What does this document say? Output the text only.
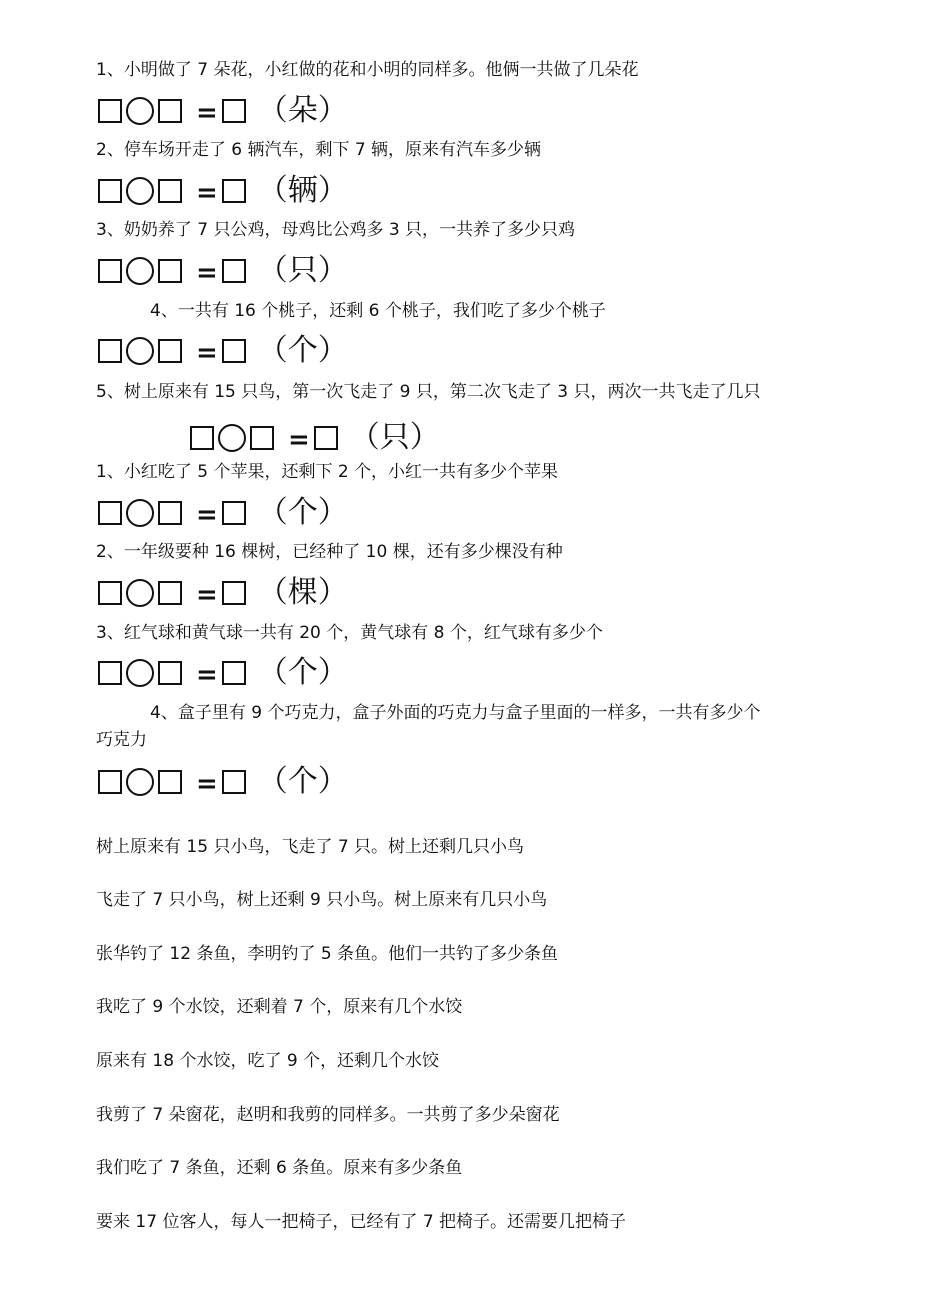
1、小明做了 7 朵花，小红做的花和小明的同样多。他俩一共做了几朵花

= （朵）

2、停车场开走了 6 辆汽车，剩下 7 辆，原来有汽车多少辆

= （辆）

3、奶奶养了 7 只公鸡，母鸡比公鸡多 3 只，一共养了多少只鸡

= （只）

4、一共有 16 个桃子，还剩 6 个桃子，我们吃了多少个桃子

= （个）

5、树上原来有 15 只鸟，第一次飞走了 9 只，第二次飞走了 3 只，两次一共飞走了几只

= （只）

1、小红吃了 5 个苹果，还剩下 2 个，小红一共有多少个苹果

= （个）

2、一年级要种 16 棵树，已经种了 10 棵，还有多少棵没有种

= （棵）

3、红气球和黄气球一共有 20 个，黄气球有 8 个，红气球有多少个

= （个）

4、盒子里有 9 个巧克力，盒子外面的巧克力与盒子里面的一样多，一共有多少个

巧克力

= （个）

树上原来有 15 只小鸟，飞走了 7 只。树上还剩几只小鸟

飞走了 7 只小鸟，树上还剩 9 只小鸟。树上原来有几只小鸟

张华钓了 12 条鱼，李明钓了 5 条鱼。他们一共钓了多少条鱼

我吃了 9 个水饺，还剩着 7 个，原来有几个水饺

原来有 18 个水饺，吃了 9 个，还剩几个水饺

我剪了 7 朵窗花，赵明和我剪的同样多。一共剪了多少朵窗花

我们吃了 7 条鱼，还剩 6 条鱼。原来有多少条鱼

要来 17 位客人，每人一把椅子，已经有了 7 把椅子。还需要几把椅子
